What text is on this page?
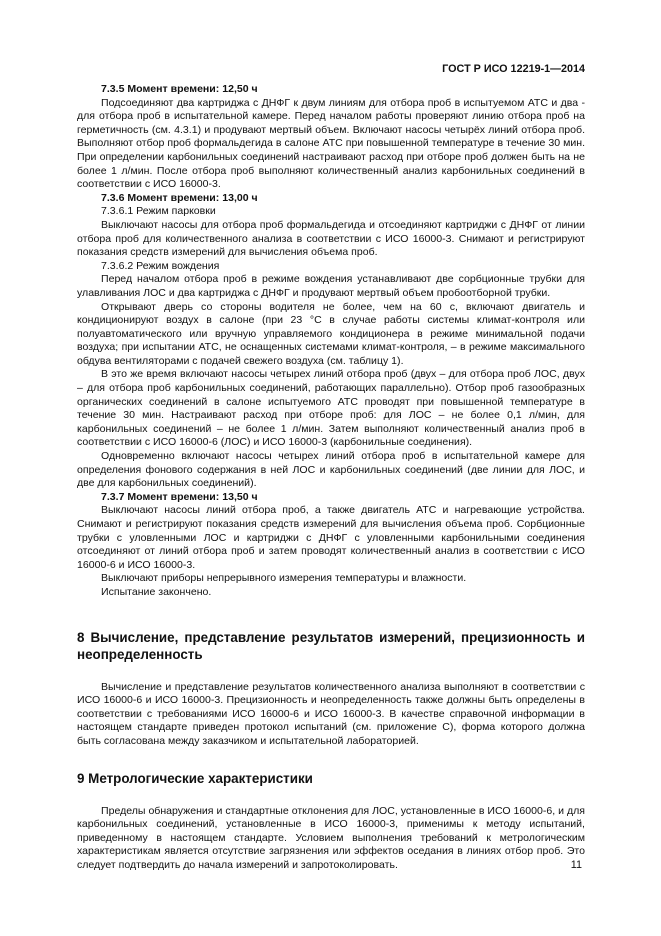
ГОСТ Р ИСО 12219-1—2014

7.3.5 Момент времени: 12,50 ч

Подсоединяют два картриджа с ДНФГ к двум линиям для отбора проб в испытуемом АТС и два - для отбора проб в испытательной камере. Перед началом работы проверяют линию отбора проб на герметичность (см. 4.3.1) и продувают мертвый объем. Включают насосы четырёх линий отбора проб. Выполняют отбор проб формальдегида в салоне АТС при повышенной температуре в течение 30 мин. При определении карбонильных соединений настраивают расход при отборе проб должен быть на не более 1 л/мин. После отбора проб выполняют количественный анализ карбонильных соединений в соответствии с ИСО 16000-3.

7.3.6 Момент времени: 13,00 ч

7.3.6.1 Режим парковки

Выключают насосы для отбора проб формальдегида и отсоединяют картриджи с ДНФГ от линии отбора проб для количественного анализа в соответствии с ИСО 16000-3. Снимают и регистрируют показания средств измерений для вычисления объема проб.

7.3.6.2 Режим вождения

Перед началом отбора проб в режиме вождения устанавливают две сорбционные трубки для улавливания ЛОС и два картриджа с ДНФГ и продувают мертвый объем пробоотборной трубки.

Открывают дверь со стороны водителя не более, чем на 60 с, включают двигатель и кондиционируют воздух в салоне (при 23 °С в случае работы системы климат-контроля или полуавтоматического или вручную управляемого кондиционера в режиме минимальной подачи воздуха; при испытании АТС, не оснащенных системами климат-контроля, – в режиме максимального обдува вентиляторами с подачей свежего воздуха (см. таблицу 1).

В это же время включают насосы четырех линий отбора проб (двух – для отбора проб ЛОС, двух – для отбора проб карбонильных соединений, работающих параллельно). Отбор проб газообразных органических соединений в салоне испытуемого АТС проводят при повышенной температуре в течение 30 мин. Настраивают расход при отборе проб: для ЛОС – не более 0,1 л/мин, для карбонильных соединений – не более 1 л/мин. Затем выполняют количественный анализ проб в соответствии с ИСО 16000-6 (ЛОС) и ИСО 16000-3 (карбонильные соединения).

Одновременно включают насосы четырех линий отбора проб в испытательной камере для определения фонового содержания в ней ЛОС и карбонильных соединений (две линии для ЛОС, и две для карбонильных соединений).

7.3.7 Момент времени: 13,50 ч

Выключают насосы линий отбора проб, а также двигатель АТС и нагревающие устройства. Снимают и регистрируют показания средств измерений для вычисления объема проб. Сорбционные трубки с уловленными ЛОС и картриджи с ДНФГ с уловленными карбонильными соединения отсоединяют от линий отбора проб и затем проводят количественный анализ в соответствии с ИСО 16000-6 и ИСО 16000-3.

Выключают приборы непрерывного измерения температуры и влажности.

Испытание закончено.

8 Вычисление, представление результатов измерений, прецизионность и неопределенность

Вычисление и представление результатов количественного анализа выполняют в соответствии с ИСО 16000-6 и ИСО 16000-3. Прецизионность и неопределенность также должны быть определены в соответствии с требованиями ИСО 16000-6 и ИСО 16000-3. В качестве справочной информации в настоящем стандарте приведен протокол испытаний (см. приложение С), форма которого должна быть согласована между заказчиком и испытательной лабораторией.

9 Метрологические характеристики

Пределы обнаружения и стандартные отклонения для ЛОС, установленные в ИСО 16000-6, и для карбонильных соединений, установленные в ИСО 16000-3, применимы к методу испытаний, приведенному в настоящем стандарте. Условием выполнения требований к метрологическим характеристикам является отсутствие загрязнения или эффектов оседания в линиях отбор проб. Это следует подтвердить до начала измерений и запротоколировать.	11
